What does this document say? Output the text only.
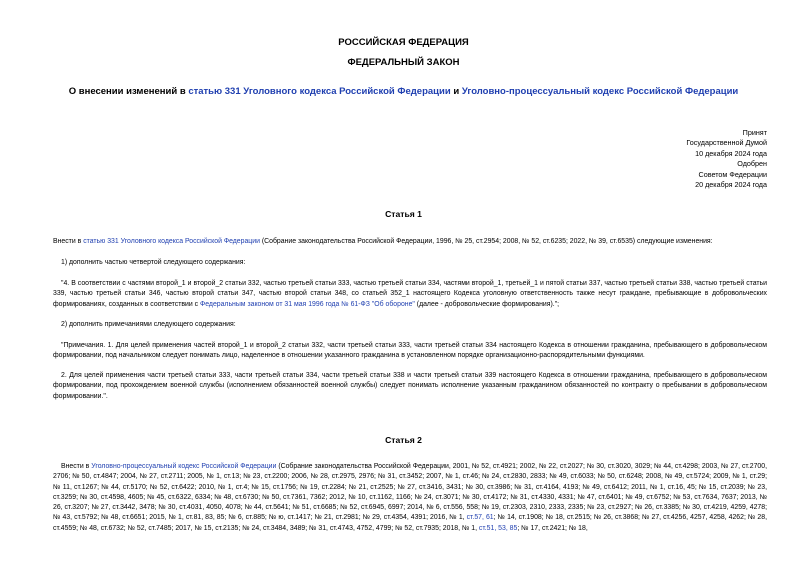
РОССИЙСКАЯ ФЕДЕРАЦИЯ
ФЕДЕРАЛЬНЫЙ ЗАКОН
О внесении изменений в статью 331 Уголовного кодекса Российской Федерации и Уголовно-процессуальный кодекс Российской Федерации
Принят
Государственной Думой
10 декабря 2024 года
Одобрен
Советом Федерации
20 декабря 2024 года
Статья 1
Внести в статью 331 Уголовного кодекса Российской Федерации (Собрание законодательства Российской Федерации, 1996, № 25, ст.2954; 2008, № 52, ст.6235; 2022, № 39, ст.6535) следующие изменения:
1) дополнить частью четвертой следующего содержания:
"4. В соответствии с частями второй_1 и второй_2 статьи 332, частью третьей статьи 333, частью третьей статьи 334, частями второй_1, третьей_1 и пятой статьи 337, частью третьей статьи 338, частью третьей статьи 339, частью третьей статьи 346, частью второй статьи 347, частью второй статьи 348, со статьей 352_1 настоящего Кодекса уголовную ответственность также несут граждане, пребывающие в добровольческих формированиях, созданных в соответствии с Федеральным законом от 31 мая 1996 года № 61-ФЗ "Об обороне" (далее - добровольческие формирования).";
2) дополнить примечаниями следующего содержания:
"Примечания. 1. Для целей применения частей второй_1 и второй_2 статьи 332, части третьей статьи 333, части третьей статьи 334 настоящего Кодекса в отношении гражданина, пребывающего в добровольческом формировании, под начальником следует понимать лицо, наделенное в отношении указанного гражданина в установленном порядке организационно-распорядительными функциями.
2. Для целей применения части третьей статьи 333, части третьей статьи 334, части третьей статьи 338 и части третьей статьи 339 настоящего Кодекса в отношении гражданина, пребывающего в добровольческом формировании, под прохождением военной службы (исполнением обязанностей военной службы) следует понимать исполнение указанным гражданином обязанностей по контракту о пребывании в добровольческом формировании.".
Статья 2
Внести в Уголовно-процессуальный кодекс Российской Федерации (Собрание законодательства Российской Федерации, 2001, № 52, ст.4921; 2002, № 22, ст.2027; № 30, ст.3020, 3029; № 44, ст.4298; 2003, № 27, ст.2700, 2706; № 50, ст.4847; 2004, № 27, ст.2711; 2005, № 1, ст.13; № 23, ст.2200; 2006, № 28, ст.2975, 2976; № 31, ст.3452; 2007, № 1, ст.46; № 24, ст.2830, 2833; № 49, ст.6033; № 50, ст.6248; 2008, № 49, ст.5724; 2009, № 1, ст.29; № 11, ст.1267; № 44, ст.5170; № 52, ст.6422; 2010, № 1, ст.4; № 15, ст.1756; № 19, ст.2284; № 21, ст.2525; № 27, ст.3416, 3431; № 30, ст.3986; № 31, ст.4164, 4193; № 49, ст.6412; 2011, № 1, ст.16, 45; № 15, ст.2039; № 23, ст.3259; № 30, ст.4598, 4605; № 45, ст.6322, 6334; № 48, ст.6730; № 50, ст.7361, 7362; 2012, № 10, ст.1162, 1166; № 24, ст.3071; № 30, ст.4172; № 31, ст.4330, 4331; № 47, ст.6401; № 49, ст.6752; № 53, ст.7634, 7637; 2013, № 26, ст.3207; № 27, ст.3442, 3478; № 30, ст.4031, 4050, 4078; № 44, ст.5641; № 51, ст.6685; № 52, ст.6945, 6997; 2014, № 6, ст.556, 558; № 19, ст.2303, 2310, 2333, 2335; № 23, ст.2927; № 26, ст.3385; № 30, ст.4219, 4259, 4278; № 43, ст.5792; № 48, ст.6651; 2015, № 1, ст.81, 83, 85; № 6, ст.885; № ю, ст.1417; № 21, ст.2981; № 29, ст.4354, 4391; 2016, № 1, ст.57, 61; № 14, ст.1908; № 18, ст.2515; № 26, ст.3868; № 27, ст.4256, 4257, 4258, 4262; № 28, ст.4559; № 48, ст.6732; № 52, ст.7485; 2017, № 15, ст.2135; № 24, ст.3484, 3489; № 31, ст.4743, 4752, 4799; № 52, ст.7935; 2018, № 1, ст.51, 53, 85; № 17, ст.2421; № 18,
